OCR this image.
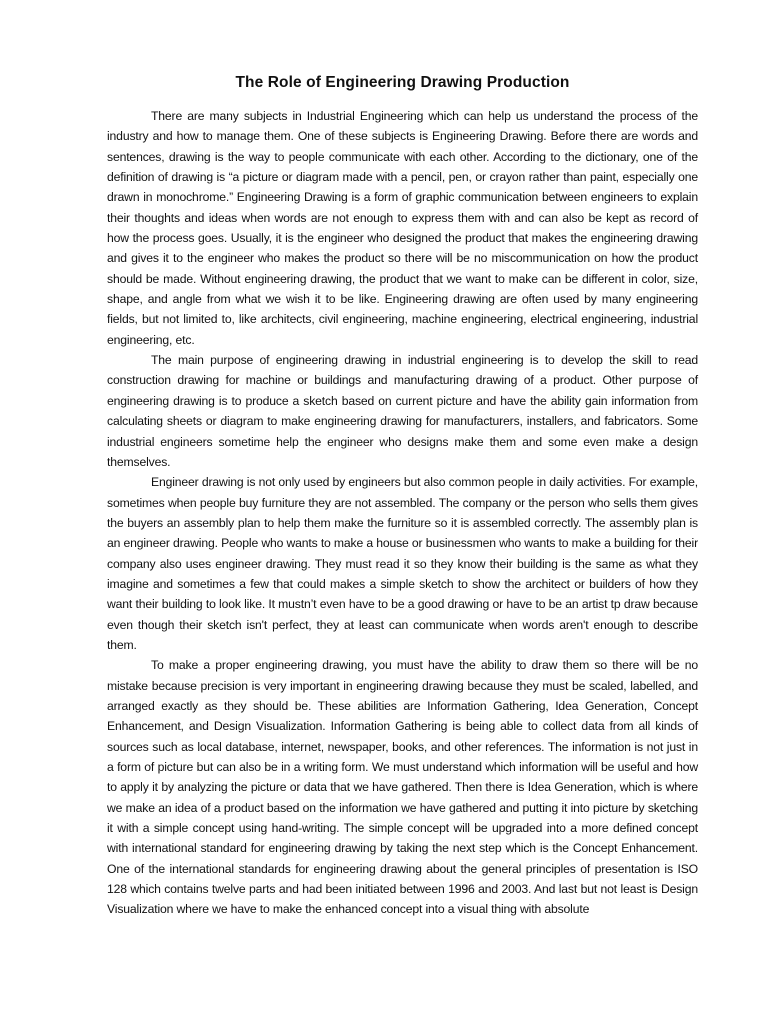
The Role of Engineering Drawing Production

There are many subjects in Industrial Engineering which can help us understand the process of the industry and how to manage them. One of these subjects is Engineering Drawing. Before there are words and sentences, drawing is the way to people communicate with each other. According to the dictionary, one of the definition of drawing is “a picture or diagram made with a pencil, pen, or crayon rather than paint, especially one drawn in monochrome.” Engineering Drawing is a form of graphic communication between engineers to explain their thoughts and ideas when words are not enough to express them with and can also be kept as record of how the process goes. Usually, it is the engineer who designed the product that makes the engineering drawing and gives it to the engineer who makes the product so there will be no miscommunication on how the product should be made. Without engineering drawing, the product that we want to make can be different in color, size, shape, and angle from what we wish it to be like. Engineering drawing are often used by many engineering fields, but not limited to, like architects, civil engineering, machine engineering, electrical engineering, industrial engineering, etc.

The main purpose of engineering drawing in industrial engineering is to develop the skill to read construction drawing for machine or buildings and manufacturing drawing of a product. Other purpose of engineering drawing is to produce a sketch based on current picture and have the ability gain information from calculating sheets or diagram to make engineering drawing for manufacturers, installers, and fabricators. Some industrial engineers sometime help the engineer who designs make them and some even make a design themselves.

Engineer drawing is not only used by engineers but also common people in daily activities. For example, sometimes when people buy furniture they are not assembled. The company or the person who sells them gives the buyers an assembly plan to help them make the furniture so it is assembled correctly. The assembly plan is an engineer drawing. People who wants to make a house or businessmen who wants to make a building for their company also uses engineer drawing. They must read it so they know their building is the same as what they imagine and sometimes a few that could makes a simple sketch to show the architect or builders of how they want their building to look like. It mustn’t even have to be a good drawing or have to be an artist tp draw because even though their sketch isn't perfect, they at least can communicate when words aren't enough to describe them.

To make a proper engineering drawing, you must have the ability to draw them so there will be no mistake because precision is very important in engineering drawing because they must be scaled, labelled, and arranged exactly as they should be. These abilities are Information Gathering, Idea Generation, Concept Enhancement, and Design Visualization. Information Gathering is being able to collect data from all kinds of sources such as local database, internet, newspaper, books, and other references. The information is not just in a form of picture but can also be in a writing form. We must understand which information will be useful and how to apply it by analyzing the picture or data that we have gathered. Then there is Idea Generation, which is where we make an idea of a product based on the information we have gathered and putting it into picture by sketching it with a simple concept using hand-writing. The simple concept will be upgraded into a more defined concept with international standard for engineering drawing by taking the next step which is the Concept Enhancement. One of the international standards for engineering drawing about the general principles of presentation is ISO 128 which contains twelve parts and had been initiated between 1996 and 2003. And last but not least is Design Visualization where we have to make the enhanced concept into a visual thing with absolute
